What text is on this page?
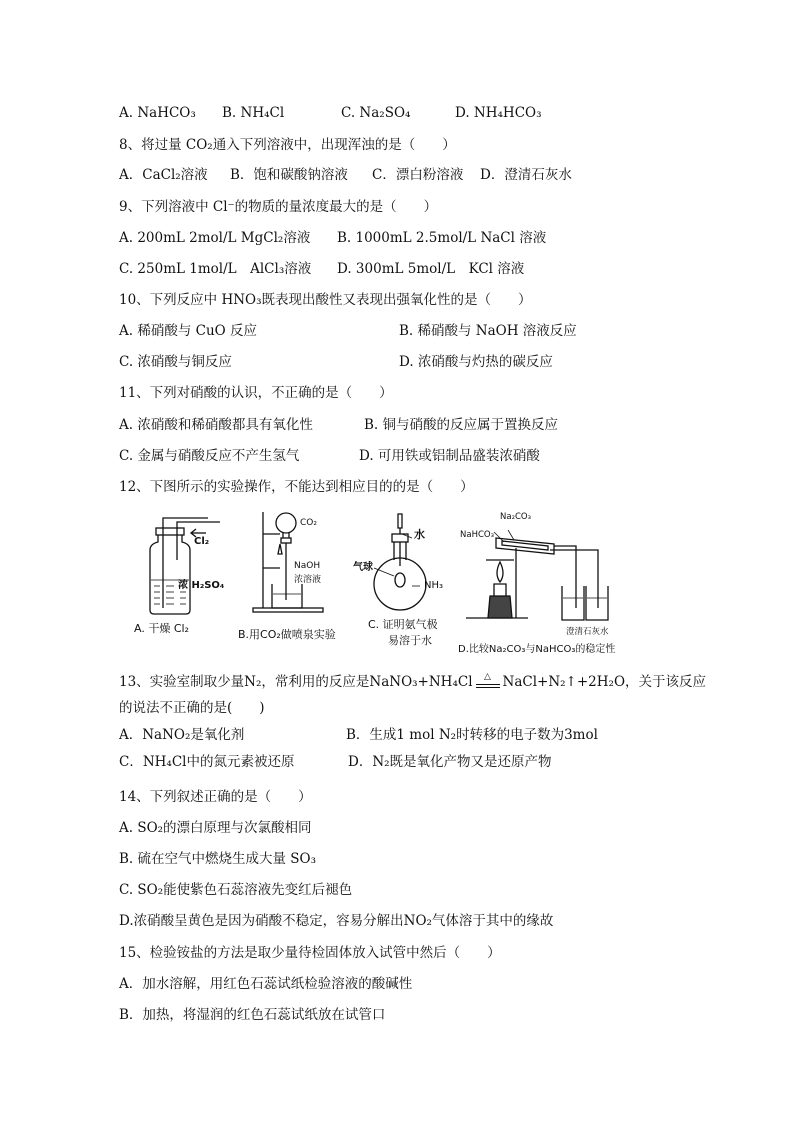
A. NaHCO₃ B. NH₄Cl	C. Na₂SO₄	D. NH₄HCO₃
8、将过量 CO₂通入下列溶液中，出现浑浊的是（　　）
A．CaCl₂溶液 B．饱和碳酸钠溶液 C．漂白粉溶液 D．澄清石灰水
9、下列溶液中 Cl⁻的物质的量浓度最大的是（　　）
A. 200mL 2mol/L MgCl₂溶液 B. 1000mL 2.5mol/L NaCl 溶液
C. 250mL 1mol/L　AlCl₃溶液 D. 300mL 5mol/L　KCl 溶液
10、下列反应中 HNO₃既表现出酸性又表现出强氧化性的是（　　）
A. 稀硝酸与 CuO 反应	B. 稀硝酸与 NaOH 溶液反应
C. 浓硝酸与铜反应	D. 浓硝酸与灼热的碳反应
11、下列对硝酸的认识，不正确的是（　　）
A. 浓硝酸和稀硝酸都具有氧化性	B. 铜与硝酸的反应属于置换反应
C. 金属与硝酸反应不产生氢气	D. 可用铁或铝制品盛装浓硝酸
12、下图所示的实验操作，不能达到相应目的的是（　　）
Cl₂
浓 H₂SO₄
A. 干燥 Cl₂
CO₂
NaOH
浓溶液
B.用CO₂做喷泉实验
气球
水
NH₃
C. 证明氨气极
易溶于水
Na₂CO₃
NaHCO₃
澄清石灰水
D.比较Na₂CO₃与NaHCO₃的稳定性
13、实验室制取少量N₂，常利用的反应是NaNO₃+NH₄Cl △ NaCl+N₂↑+2H₂O，关于该反应
的说法不正确的是(　　)
A．NaNO₂是氧化剂	B．生成1 mol N₂时转移的电子数为3mol
C．NH₄Cl中的氮元素被还原	D．N₂既是氧化产物又是还原产物
14、下列叙述正确的是（　　）
A. SO₂的漂白原理与次氯酸相同
B. 硫在空气中燃烧生成大量 SO₃
C. SO₂能使紫色石蕊溶液先变红后褪色
D.浓硝酸呈黄色是因为硝酸不稳定，容易分解出NO₂气体溶于其中的缘故
15、检验铵盐的方法是取少量待检固体放入试管中然后（　　）
A．加水溶解，用红色石蕊试纸检验溶液的酸碱性
B．加热，将湿润的红色石蕊试纸放在试管口
